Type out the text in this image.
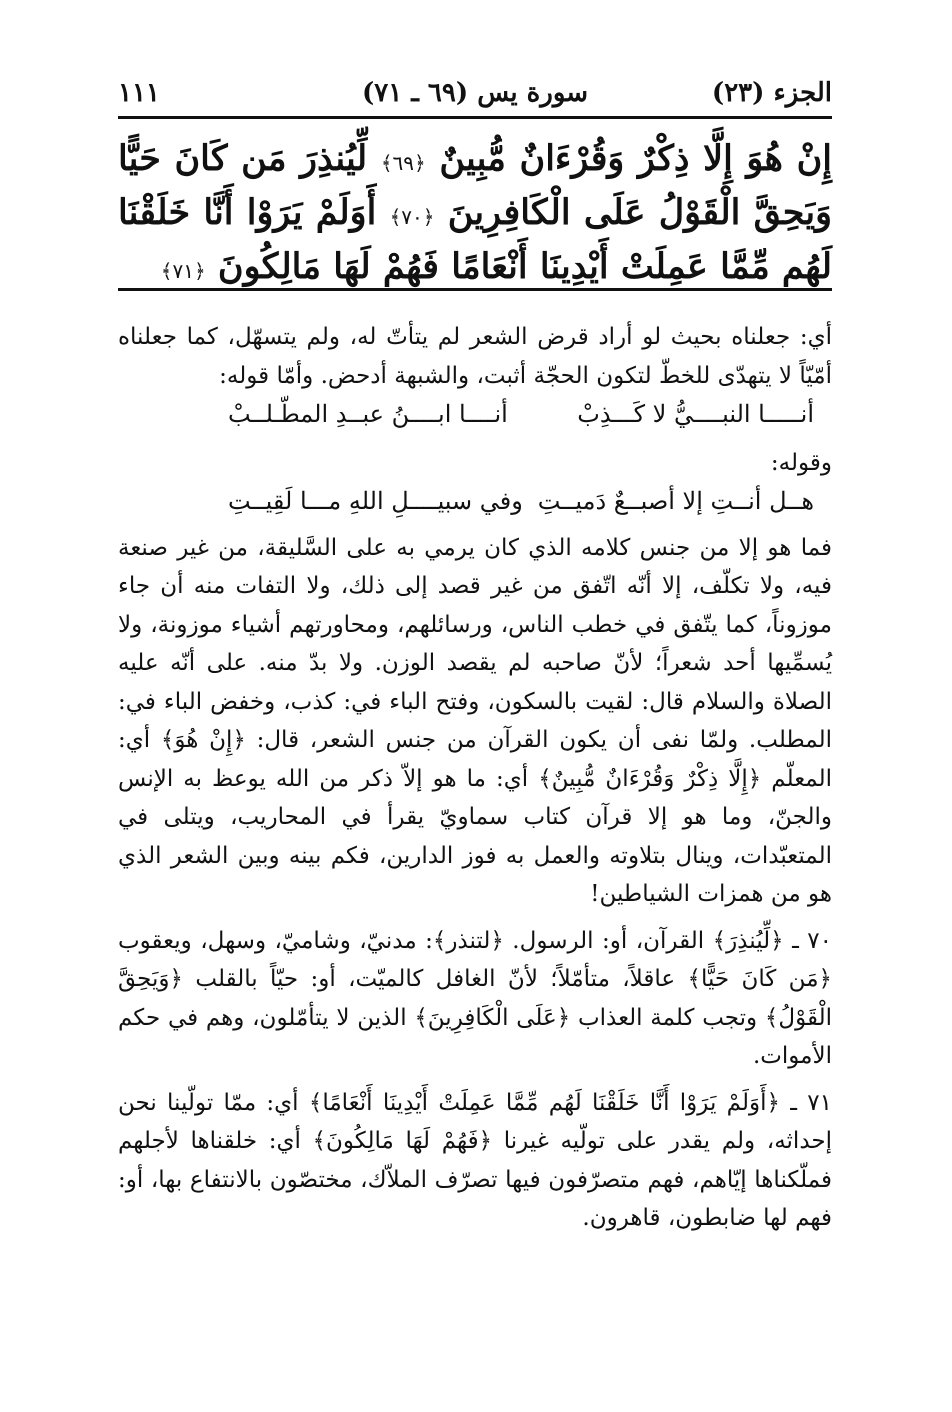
الجزء (٢٣)
سورة يس (٦٩ ـ ٧١)
١١١
إِنْ هُوَ إِلَّا ذِكْرٌ وَقُرْءَانٌ مُّبِينٌ ﴿٦٩﴾ لِّيُنذِرَ مَن كَانَ حَيًّا وَيَحِقَّ الْقَوْلُ عَلَى الْكَافِرِينَ ﴿٧٠﴾ أَوَلَمْ يَرَوْا أَنَّا خَلَقْنَا لَهُم مِّمَّا عَمِلَتْ أَيْدِينَا أَنْعَامًا فَهُمْ لَهَا مَالِكُونَ ﴿٧١﴾

أي: جعلناه بحيث لو أراد قرض الشعر لم يتأتّ له، ولم يتسهّل، كما جعلناه أمّيّاً لا يتهدّى للخطّ لتكون الحجّة أثبت، والشبهة أدحض. وأمّا قوله:

أنـــــا النبــــيُّ لا كَـــذِبْ
أنــــا ابــــنُ عبــدِ المطّـلــبْ

وقوله:

هــل أنــتِ إلا أصبــعٌ دَميــتِ
وفي سبيــــلِ اللهِ مـــا لَقِيــتِ

فما هو إلا من جنس كلامه الذي كان يرمي به على السَّليقة، من غير صنعة فيه، ولا تكلّف، إلا أنّه اتّفق من غير قصد إلى ذلك، ولا التفات منه أن جاء موزوناً، كما يتّفق في خطب الناس، ورسائلهم، ومحاورتهم أشياء موزونة، ولا يُسمِّيها أحد شعراً؛ لأنّ صاحبه لم يقصد الوزن. ولا بدّ منه. على أنّه عليه الصلاة والسلام قال: لقيت بالسكون، وفتح الباء في: كذب، وخفض الباء في: المطلب. ولمّا نفى أن يكون القرآن من جنس الشعر، قال: ﴿إِنْ هُوَ﴾ أي: المعلّم ﴿إِلَّا ذِكْرٌ وَقُرْءَانٌ مُّبِينٌ﴾ أي: ما هو إلاّ ذكر من الله يوعظ به الإنس والجنّ، وما هو إلا قرآن كتاب سماويّ يقرأ في المحاريب، ويتلى في المتعبّدات، وينال بتلاوته والعمل به فوز الدارين، فكم بينه وبين الشعر الذي هو من همزات الشياطين!

٧٠ ـ ﴿لِّيُنذِرَ﴾ القرآن، أو: الرسول. ﴿لتنذر﴾: مدنيّ، وشاميّ، وسهل، ويعقوب ﴿مَن كَانَ حَيًّا﴾ عاقلاً، متأمّلاً؛ لأنّ الغافل كالميّت، أو: حيّاً بالقلب ﴿وَيَحِقَّ الْقَوْلُ﴾ وتجب كلمة العذاب ﴿عَلَى الْكَافِرِينَ﴾ الذين لا يتأمّلون، وهم في حكم الأموات.

٧١ ـ ﴿أَوَلَمْ يَرَوْا أَنَّا خَلَقْنَا لَهُم مِّمَّا عَمِلَتْ أَيْدِينَا أَنْعَامًا﴾ أي: ممّا تولّينا نحن إحداثه، ولم يقدر على تولّيه غيرنا ﴿فَهُمْ لَهَا مَالِكُونَ﴾ أي: خلقناها لأجلهم فملّكناها إيّاهم، فهم متصرّفون فيها تصرّف الملاّك، مختصّون بالانتفاع بها، أو: فهم لها ضابطون، قاهرون.
